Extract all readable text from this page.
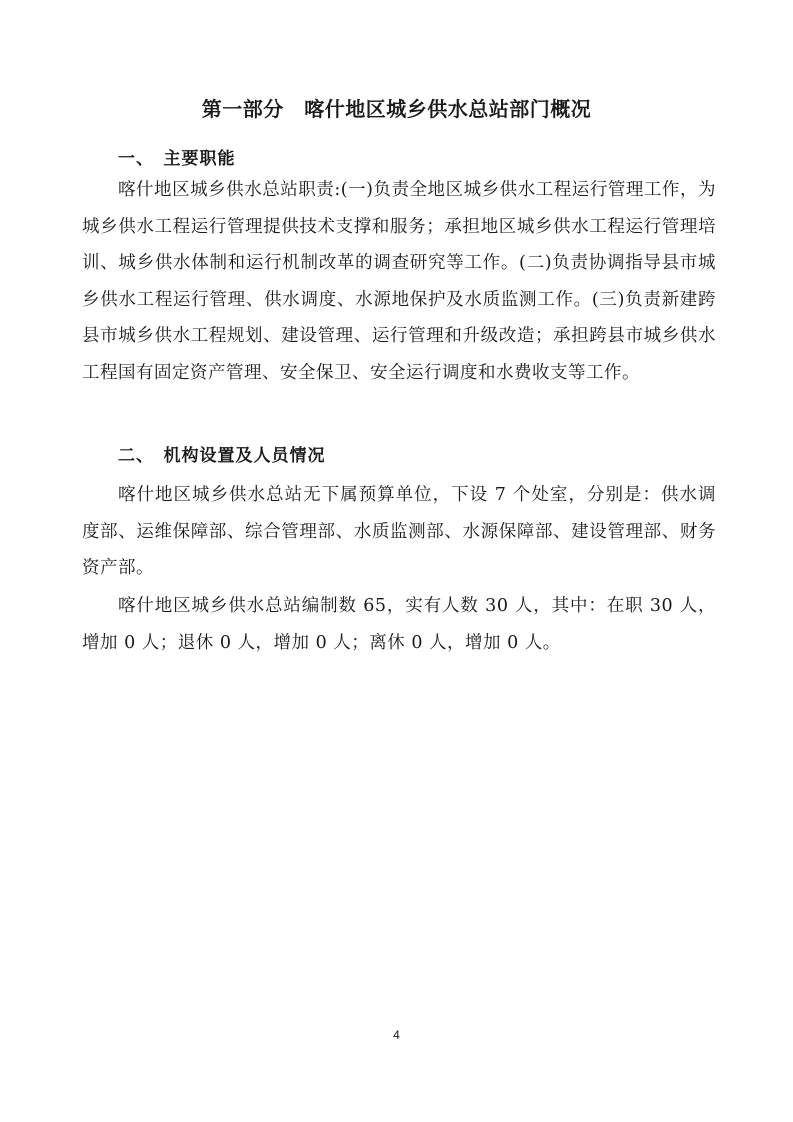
第一部分　喀什地区城乡供水总站部门概况
一、　主要职能

喀什地区城乡供水总站职责:(一)负责全地区城乡供水工程运行管理工作，为城乡供水工程运行管理提供技术支撑和服务；承担地区城乡供水工程运行管理培训、城乡供水体制和运行机制改革的调查研究等工作。(二)负责协调指导县市城乡供水工程运行管理、供水调度、水源地保护及水质监测工作。(三)负责新建跨县市城乡供水工程规划、建设管理、运行管理和升级改造；承担跨县市城乡供水工程国有固定资产管理、安全保卫、安全运行调度和水费收支等工作。

二、　机构设置及人员情况

喀什地区城乡供水总站无下属预算单位，下设 7 个处室，分别是：供水调度部、运维保障部、综合管理部、水质监测部、水源保障部、建设管理部、财务资产部。

喀什地区城乡供水总站编制数 65，实有人数 30 人，其中：在职 30 人，增加 0 人；退休 0 人，增加 0 人；离休 0 人，增加 0 人。

4
